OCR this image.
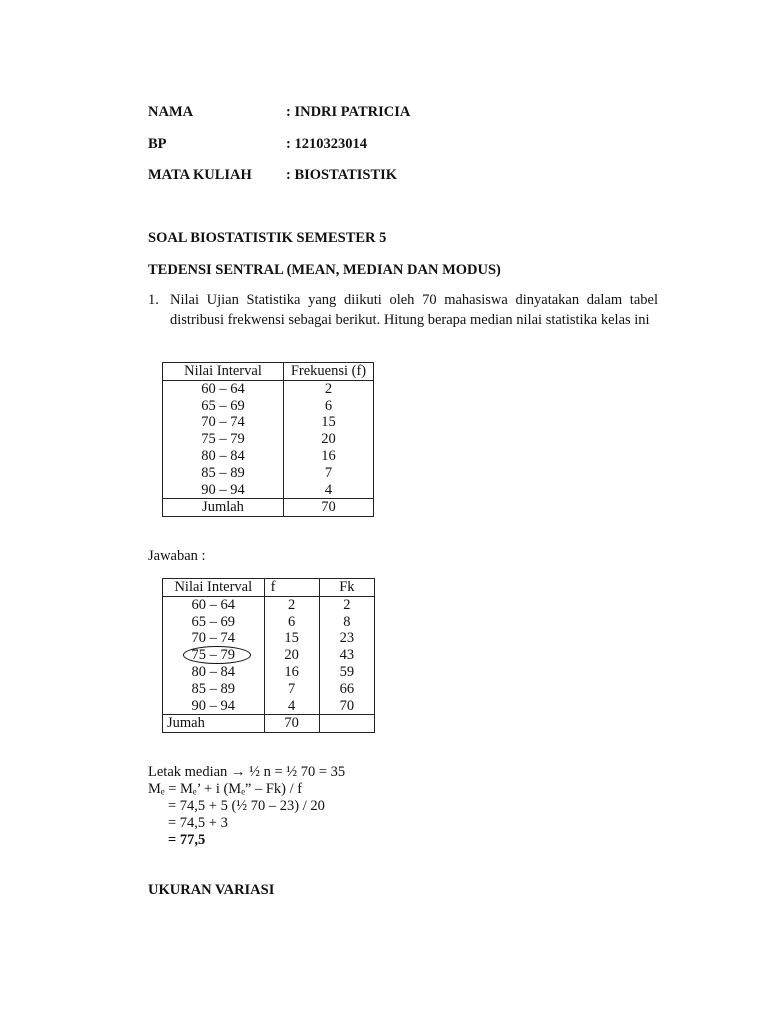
NAMA	: INDRI PATRICIA
BP	: 1210323014
MATA KULIAH : BIOSTATISTIK
SOAL BIOSTATISTIK SEMESTER 5
TEDENSI SENTRAL (MEAN, MEDIAN DAN MODUS)
1. Nilai Ujian Statistika yang diikuti oleh 70 mahasiswa dinyatakan dalam tabel distribusi frekwensi sebagai berikut. Hitung berapa median nilai statistika kelas ini
Nilai Interval	Frekuensi (f)
60 – 64	2
65 – 69	6
70 – 74	15
75 – 79	20
80 – 84	16
85 – 89	7
90 – 94	4
Jumlah	70
Jawaban :
Nilai Interval	f	Fk
60 – 64	2	2
65 – 69	6	8
70 – 74	15	23

75 – 79	20	43
80 – 84	16	59
85 – 89	7	66
90 – 94	4	70
Jumah	70	
Letak median → ½ n = ½ 70 = 35
Mₑ = Mₑ’ + i (Mₑ” – Fk) / f
= 74,5 + 5 (½ 70 – 23) / 20
= 74,5 + 3
= 77,5
UKURAN VARIASI
